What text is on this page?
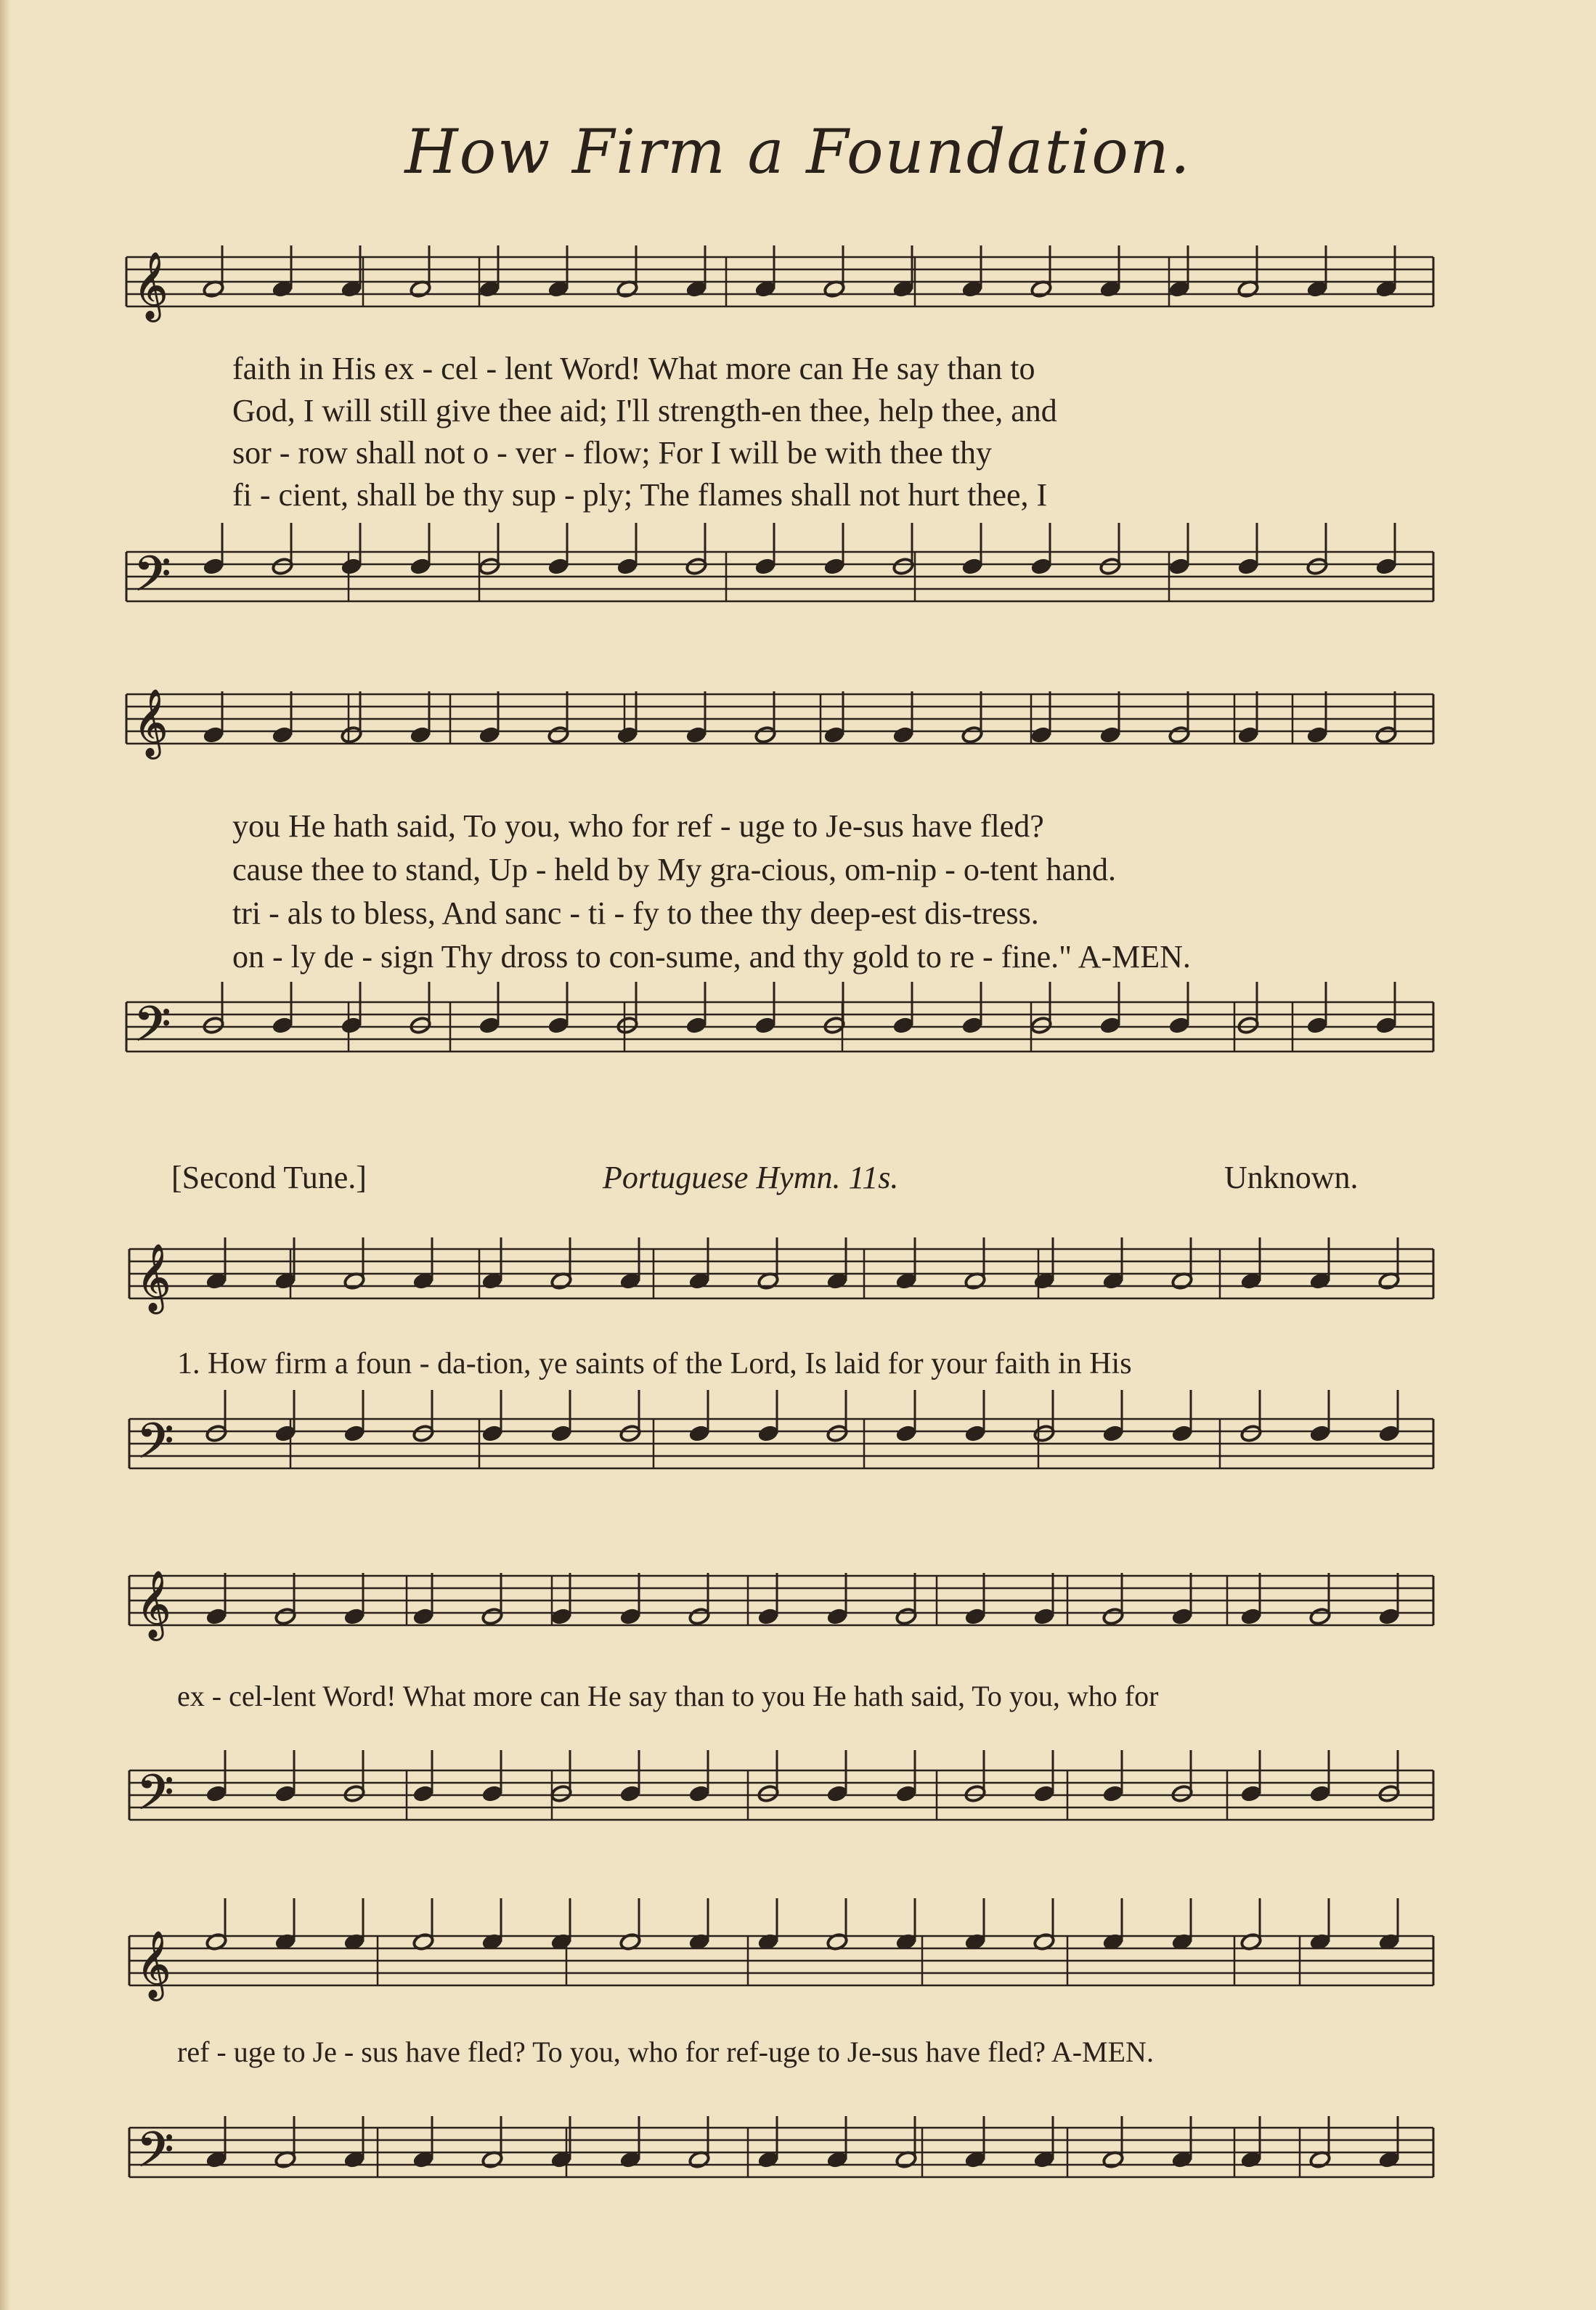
How Firm a Foundation.
𝄞
𝄢
𝄞
𝄢
𝄞
𝄢
𝄞
𝄢
𝄞
𝄢
faith in His ex - cel - lent Word! What more can He say than to
God, I will still give thee aid; I'll strength-en thee, help thee, and
sor - row shall not o - ver - flow; For I will be with thee thy
fi - cient, shall be thy sup - ply; The flames shall not hurt thee, I
you He hath said, To you, who for ref - uge to Je-sus have fled?
cause thee to stand, Up - held by My gra-cious, om-nip - o-tent hand.
tri - als to bless, And sanc - ti - fy to thee thy deep-est dis-tress.
on - ly de - sign Thy dross to con-sume, and thy gold to re - fine." A-MEN.
[Second Tune.]	Portuguese Hymn. 11s.	Unknown.
1. How firm a foun - da-tion, ye saints of the Lord, Is laid for your faith in His
ex - cel-lent Word! What more can He say than to you He hath said, To you, who for
ref - uge to Je - sus have fled? To you, who for ref-uge to Je-sus have fled? A-MEN.
